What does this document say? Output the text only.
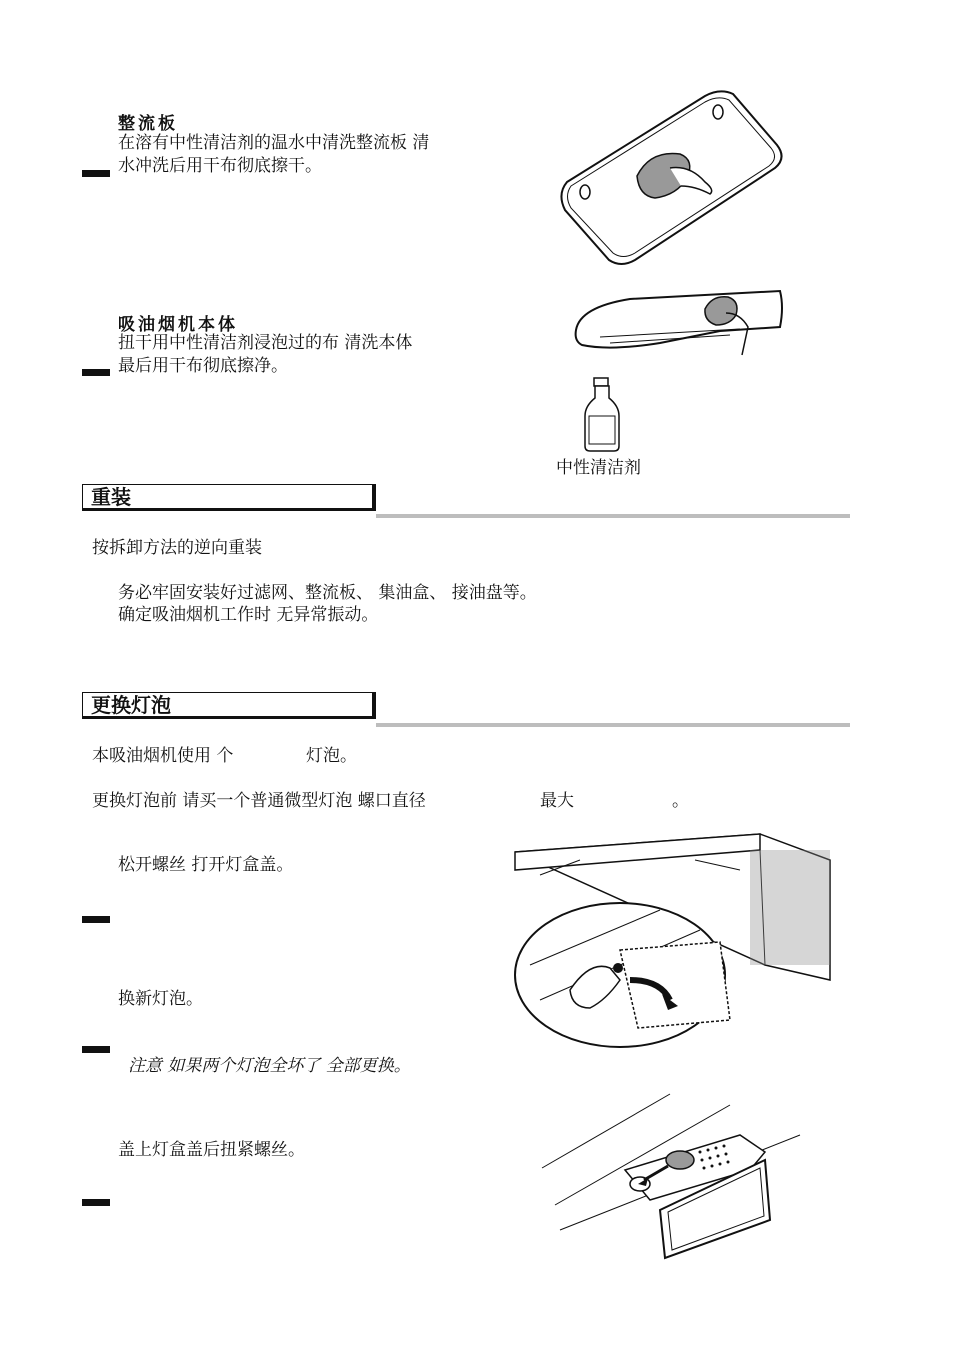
整流板
在溶有中性清洁剂的温水中清洗整流板 清
水冲洗后用干布彻底擦干。
吸油烟机本体
扭干用中性清洁剂浸泡过的布 清洗本体
最后用干布彻底擦净。
中性清洁剂
重装
按拆卸方法的逆向重装
务必牢固安装好过滤网、整流板、 集油盒、 接油盘等。
确定吸油烟机工作时 无异常振动。
更换灯泡
本吸油烟机使用 个	灯泡。
更换灯泡前 请买一个普通微型灯泡 螺口直径	最大	。
松开螺丝 打开灯盒盖。
换新灯泡。
注意 如果两个灯泡全坏了 全部更换。
盖上灯盒盖后扭紧螺丝。
